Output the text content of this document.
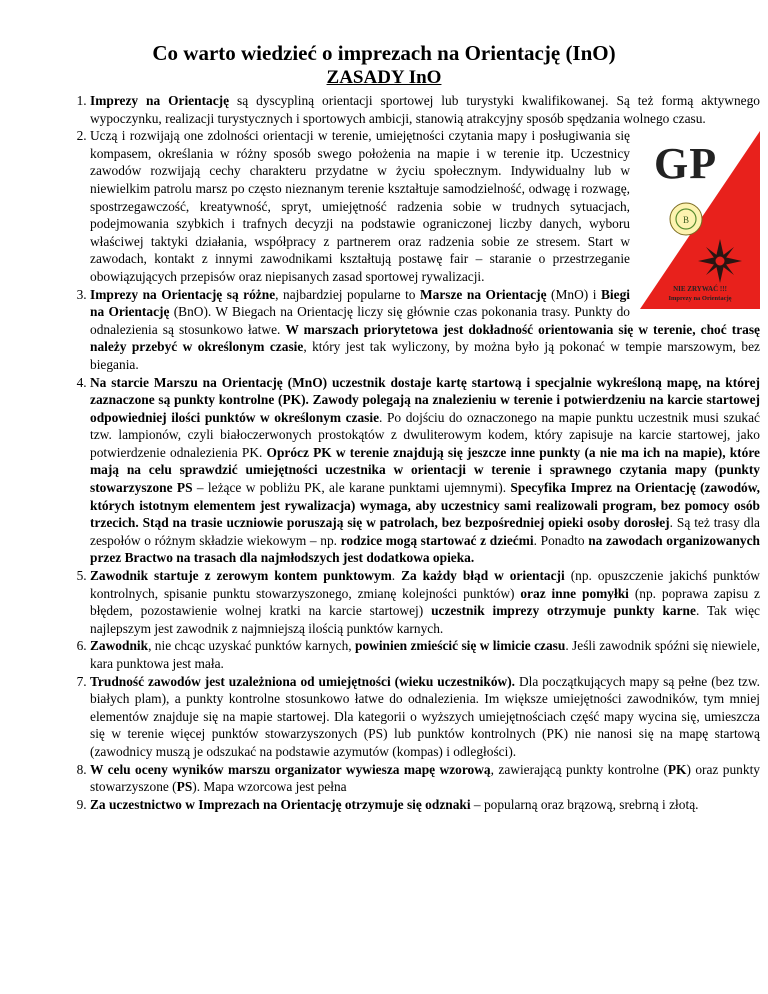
Co warto wiedzieć o imprezach na Orientację (InO)
ZASADY InO
1. Imprezy na Orientację są dyscypliną orientacji sportowej lub turystyki kwalifikowanej. Są też formą aktywnego wypoczynku, realizacji turystycznych i sportowych ambicji, stanowią atrakcyjny sposób spędzania wolnego czasu.
2. B
GP
NIE ZRYWAĆ !!!
Imprezy na Orientację
Uczą i rozwijają one zdolności orientacji w terenie, umiejętności czytania mapy i posługiwania się kompasem, określania w różny sposób swego położenia na mapie i w terenie itp. Uczestnicy zawodów rozwijają cechy charakteru przydatne w życiu społecznym. Indywidualny lub w niewielkim patrolu marsz po często nieznanym terenie kształtuje samodzielność, odwagę i rozwagę, spostrzegawczość, kreatywność, spryt, umiejętność radzenia sobie w trudnych sytuacjach, podejmowania szybkich i trafnych decyzji na podstawie ograniczonej liczby danych, wyboru właściwej taktyki działania, współpracy z partnerem oraz radzenia sobie ze stresem. Start w zawodach, kontakt z innymi zawodnikami kształtują postawę fair – staranie o przestrzeganie obowiązujących przepisów oraz niepisanych zasad sportowej rywalizacji.
3. Imprezy na Orientację są różne, najbardziej popularne to Marsze na Orientację (MnO) i Biegi na Orientację (BnO). W Biegach na Orientację liczy się głównie czas pokonania trasy. Punkty do odnalezienia są stosunkowo łatwe. W marszach priorytetowa jest dokładność orientowania się w terenie, choć trasę należy przebyć w określonym czasie, który jest tak wyliczony, by można było ją pokonać w tempie marszowym, bez biegania.
4. Na starcie Marszu na Orientację (MnO) uczestnik dostaje kartę startową i specjalnie wykreśloną mapę, na której zaznaczone są punkty kontrolne (PK). Zawody polegają na znalezieniu w terenie i potwierdzeniu na karcie startowej odpowiedniej ilości punktów w określonym czasie. Po dojściu do oznaczonego na mapie punktu uczestnik musi szukać tzw. lampionów, czyli białoczerwonych prostokątów z dwuliterowym kodem, który zapisuje na karcie startowej, jako potwierdzenie odnalezienia PK. Oprócz PK w terenie znajdują się jeszcze inne punkty (a nie ma ich na mapie), które mają na celu sprawdzić umiejętności uczestnika w orientacji w terenie i sprawnego czytania mapy (punkty stowarzyszone PS – leżące w pobliżu PK, ale karane punktami ujemnymi). Specyfika Imprez na Orientację (zawodów, których istotnym elementem jest rywalizacja) wymaga, aby uczestnicy sami realizowali program, bez pomocy osób trzecich. Stąd na trasie uczniowie poruszają się w patrolach, bez bezpośredniej opieki osoby dorosłej. Są też trasy dla zespołów o różnym składzie wiekowym – np. rodzice mogą startować z dziećmi. Ponadto na zawodach organizowanych przez Bractwo na trasach dla najmłodszych jest dodatkowa opieka.
5. Zawodnik startuje z zerowym kontem punktowym. Za każdy błąd w orientacji (np. opuszczenie jakichś punktów kontrolnych, spisanie punktu stowarzyszonego, zmianę kolejności punktów) oraz inne pomyłki (np. poprawa zapisu z błędem, pozostawienie wolnej kratki na karcie startowej) uczestnik imprezy otrzymuje punkty karne. Tak więc najlepszym jest zawodnik z najmniejszą ilością punktów karnych.
6. Zawodnik, nie chcąc uzyskać punktów karnych, powinien zmieścić się w limicie czasu. Jeśli zawodnik spóźni się niewiele, kara punktowa jest mała.
7. Trudność zawodów jest uzależniona od umiejętności (wieku uczestników). Dla początkujących mapy są pełne (bez tzw. białych plam), a punkty kontrolne stosunkowo łatwe do odnalezienia. Im większe umiejętności zawodników, tym mniej elementów znajduje się na mapie startowej. Dla kategorii o wyższych umiejętnościach część mapy wycina się, umieszcza się w terenie więcej punktów stowarzyszonych (PS) lub punktów kontrolnych (PK) nie nanosi się na mapę startową (zawodnicy muszą je odszukać na podstawie azymutów (kompas) i odległości).
8. W celu oceny wyników marszu organizator wywiesza mapę wzorową, zawierającą punkty kontrolne (PK) oraz punkty stowarzyszone (PS). Mapa wzorcowa jest pełna
9. Za uczestnictwo w Imprezach na Orientację otrzymuje się odznaki – popularną oraz brązową, srebrną i złotą.
